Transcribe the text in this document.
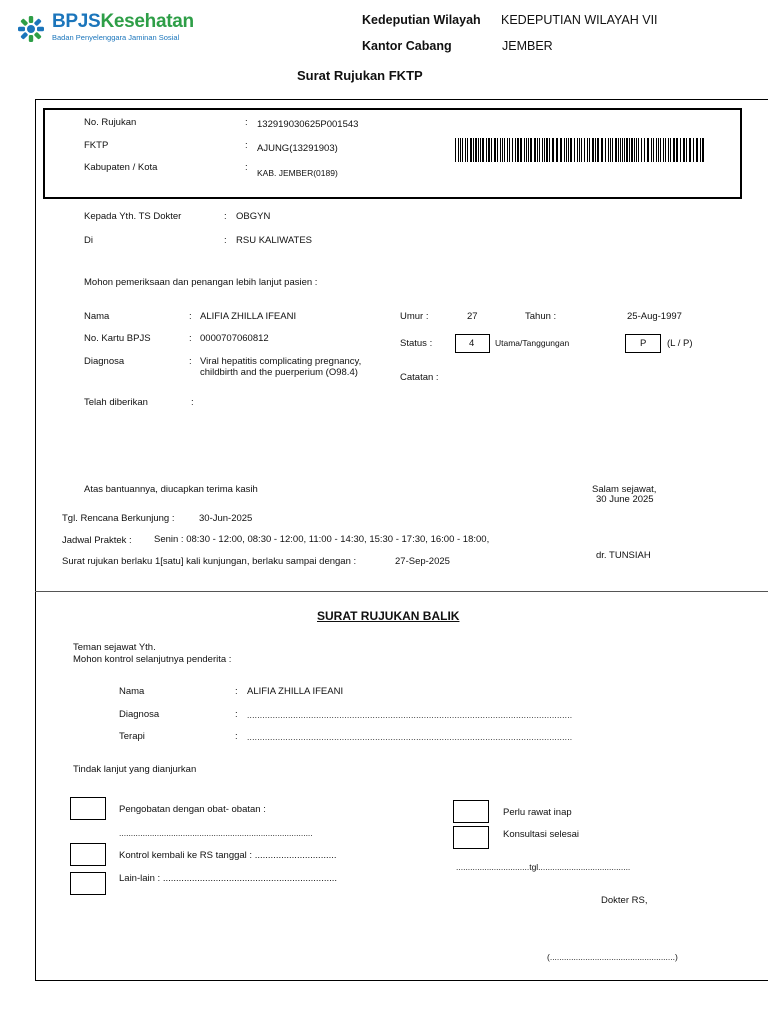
BPJSKesehatan
Badan Penyelenggara Jaminan Sosial
Kedeputian Wilayah KEDEPUTIAN WILAYAH VII
Kantor Cabang	JEMBER
Surat Rujukan FKTP
No. Rujukan	: 132919030625P001543
FKTP	: AJUNG(13291903)
Kabupaten / Kota	: KAB. JEMBER(0189)
Kepada Yth. TS Dokter	: OBGYN
Di	: RSU KALIWATES
Mohon pemeriksaan dan penangan lebih lanjut pasien :
Nama	: ALIFIA ZHILLA IFEANI
No. Kartu BPJS	: 0000707060812
Diagnosa	: Viral hepatitis complicating pregnancy,
childbirth and the puerperium (O98.4)
Telah diberikan	:
Umur :	27	Tahun :	25-Aug-1997
Status :	4 Utama/Tanggungan	P (L / P)
Catatan :
Atas bantuannya, diucapkan terima kasih	Salam sejawat,
30 June 2025
Tgl. Rencana Berkunjung :	30-Jun-2025
Jadwal Praktek : Senin : 08:30 - 12:00, 08:30 - 12:00, 11:00 - 14:30, 15:30 - 17:30, 16:00 - 18:00,
dr. TUNSIAH
Surat rujukan berlaku 1[satu] kali kunjungan, berlaku sampai dengan :	27-Sep-2025
SURAT RUJUKAN BALIK
Teman sejawat Yth.
Mohon kontrol selanjutnya penderita :
Nama	: ALIFIA ZHILLA IFEANI
Diagnosa	: ...............................................................................................................................
Terapi	: ...............................................................................................................................
Tindak lanjut yang dianjurkan
Pengobatan dengan obat- obatan :
..................................................................................
Kontrol kembali ke RS tanggal : ...............................
Lain-lain : ..................................................................
Perlu rawat inap
Konsultasi selesai
...............................tgl.......................................
Dokter RS,
(.....................................................)
